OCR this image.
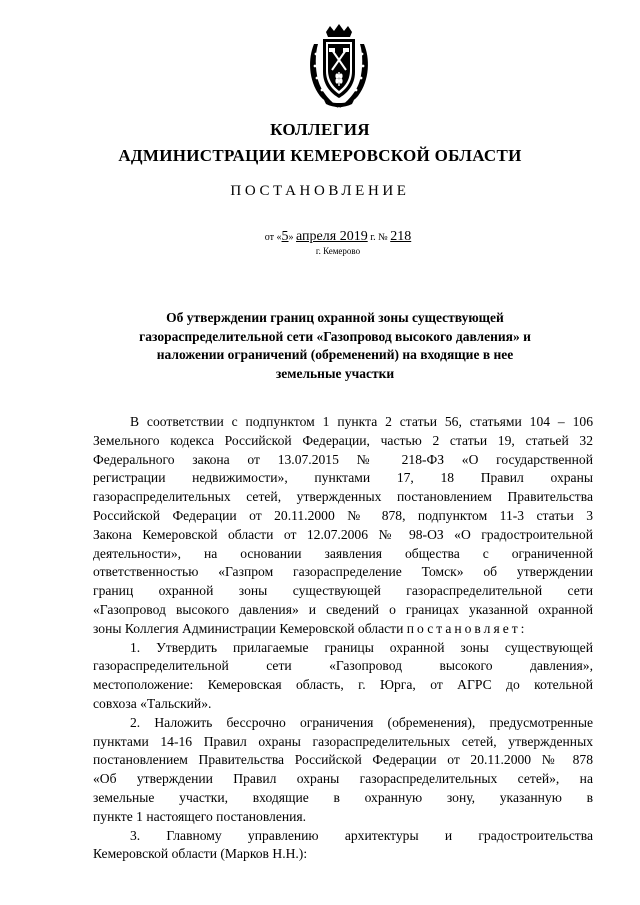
КОЛЛЕГИЯ
АДМИНИСТРАЦИИ КЕМЕРОВСКОЙ ОБЛАСТИ
ПОСТАНОВЛЕНИЕ
от «5» апреля 2019 г. № 218
г. Кемерово
Об утверждении границ охранной зоны существующей
газораспределительной сети «Газопровод высокого давления» и
наложении ограничений (обременений) на входящие в нее
земельные участки
В соответствии с подпунктом 1 пункта 2 статьи 56, статьями 104 – 106
Земельного кодекса Российской Федерации, частью 2 статьи 19, статьей 32
Федерального закона от 13.07.2015 № 218-ФЗ «О государственной
регистрации недвижимости», пунктами 17, 18 Правил охраны
газораспределительных сетей, утвержденных постановлением Правительства
Российской Федерации от 20.11.2000 № 878, подпунктом 11-3 статьи 3
Закона Кемеровской области от 12.07.2006 № 98-ОЗ «О градостроительной
деятельности», на основании заявления общества с ограниченной
ответственностью «Газпром газораспределение Томск» об утверждении
границ охранной зоны существующей газораспределительной сети
«Газопровод высокого давления» и сведений о границах указанной охранной
зоны Коллегия Администрации Кемеровской области постановляет:
1. Утвердить прилагаемые границы охранной зоны существующей
газораспределительной сети «Газопровод высокого давления»,
местоположение: Кемеровская область, г. Юрга, от АГРС до котельной
совхоза «Тальский».
2. Наложить бессрочно ограничения (обременения), предусмотренные
пунктами 14-16 Правил охраны газораспределительных сетей, утвержденных
постановлением Правительства Российской Федерации от 20.11.2000 № 878
«Об утверждении Правил охраны газораспределительных сетей», на
земельные участки, входящие в охранную зону, указанную в
пункте 1 настоящего постановления.
3. Главному управлению архитектуры и градостроительства
Кемеровской области (Марков Н.Н.):
